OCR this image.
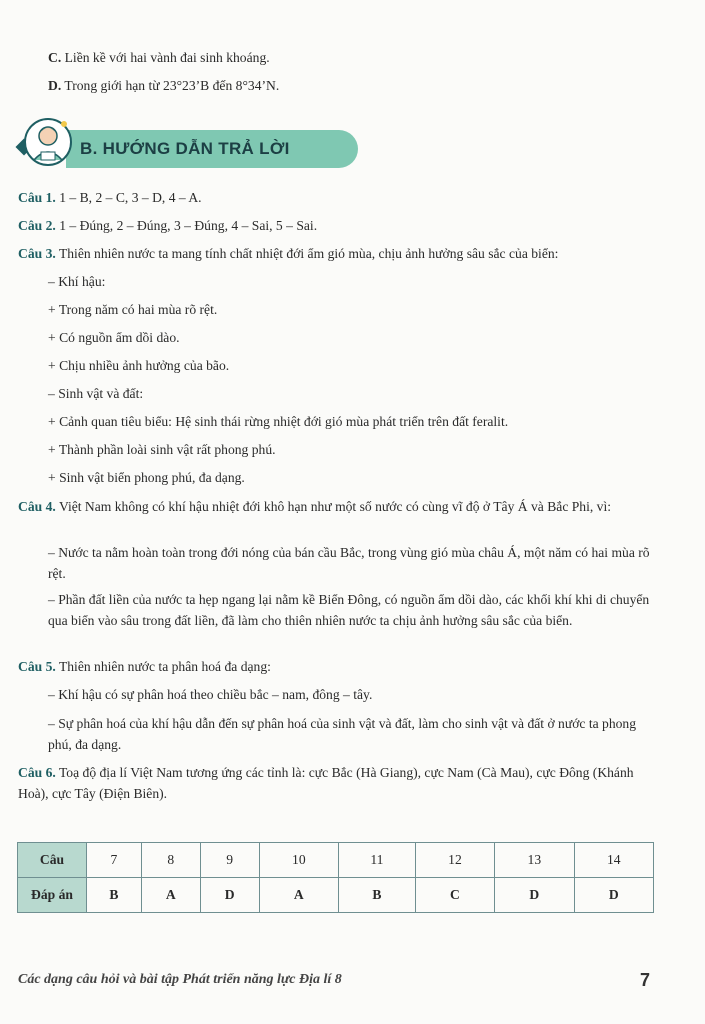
C. Liền kề với hai vành đai sinh khoáng.
D. Trong giới hạn từ 23°23’B đến 8°34’N.
B. HƯỚNG DẪN TRẢ LỜI
Câu 1. 1 – B, 2 – C, 3 – D, 4 – A.
Câu 2. 1 – Đúng, 2 – Đúng, 3 – Đúng, 4 – Sai, 5 – Sai.
Câu 3. Thiên nhiên nước ta mang tính chất nhiệt đới ẩm gió mùa, chịu ảnh hưởng sâu sắc của biển:
– Khí hậu:
+ Trong năm có hai mùa rõ rệt.
+ Có nguồn ẩm dồi dào.
+ Chịu nhiều ảnh hưởng của bão.
– Sinh vật và đất:
+ Cảnh quan tiêu biểu: Hệ sinh thái rừng nhiệt đới gió mùa phát triển trên đất feralit.
+ Thành phần loài sinh vật rất phong phú.
+ Sinh vật biển phong phú, đa dạng.
Câu 4. Việt Nam không có khí hậu nhiệt đới khô hạn như một số nước có cùng vĩ độ ở Tây Á và Bắc Phi, vì:
– Nước ta nằm hoàn toàn trong đới nóng của bán cầu Bắc, trong vùng gió mùa châu Á, một năm có hai mùa rõ rệt.
– Phần đất liền của nước ta hẹp ngang lại nằm kề Biển Đông, có nguồn ẩm dồi dào, các khối khí khi di chuyển qua biển vào sâu trong đất liền, đã làm cho thiên nhiên nước ta chịu ảnh hưởng sâu sắc của biển.
Câu 5. Thiên nhiên nước ta phân hoá đa dạng:
– Khí hậu có sự phân hoá theo chiều bắc – nam, đông – tây.
– Sự phân hoá của khí hậu dẫn đến sự phân hoá của sinh vật và đất, làm cho sinh vật và đất ở nước ta phong phú, đa dạng.
Câu 6. Toạ độ địa lí Việt Nam tương ứng các tỉnh là: cực Bắc (Hà Giang), cực Nam (Cà Mau), cực Đông (Khánh Hoà), cực Tây (Điện Biên).
Câu	7	8	9	10	11	12	13	14
Đáp án	B	A	D	A	B	C	D	D
Các dạng câu hỏi và bài tập Phát triển năng lực Địa lí 8	7
